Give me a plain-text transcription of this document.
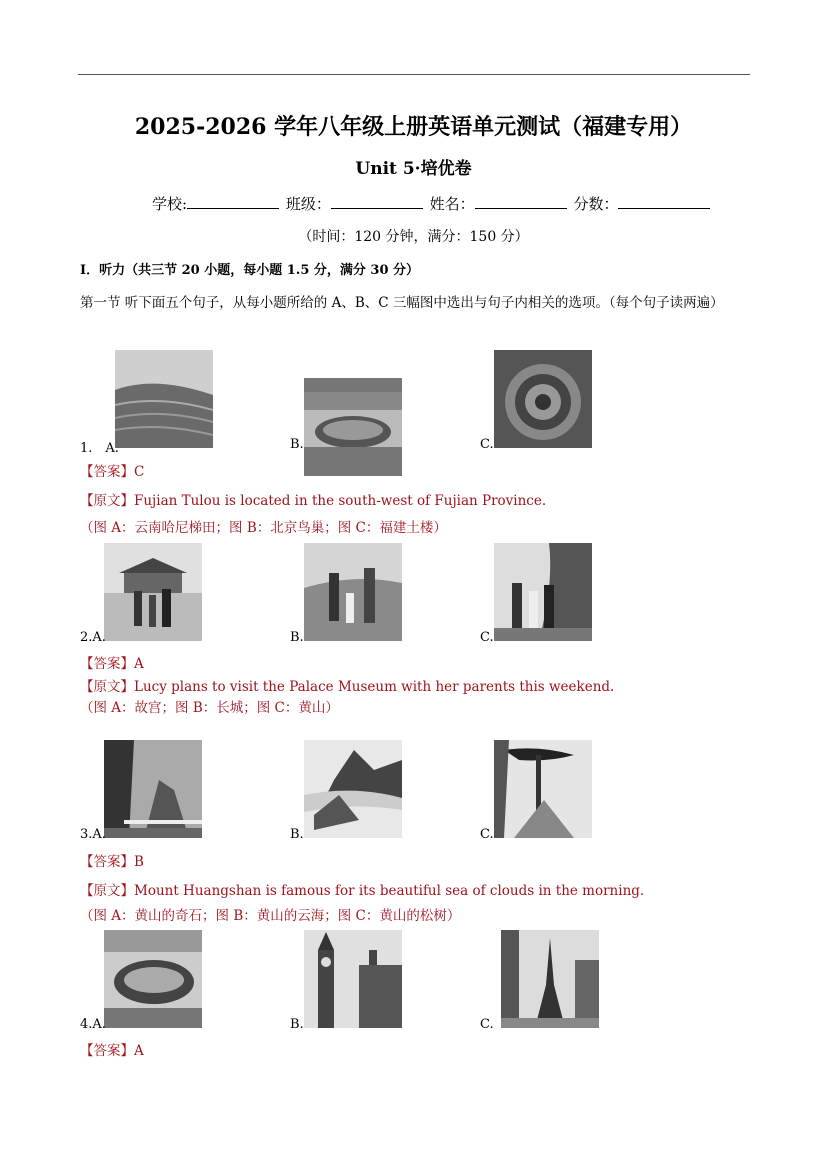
2025-2026 学年八年级上册英语单元测试（福建专用）
Unit 5·培优卷
学校:	班级：	姓名：	分数：
（时间：120 分钟，满分：150 分）
I．听力（共三节 20 小题，每小题 1.5 分，满分 30 分）
第一节 听下面五个句子，从每小题所给的 A、B、C 三幅图中选出与句子内相关的选项。（每个句子读两遍）
1.　A.	B.	C.
【答案】C
【原文】Fujian Tulou is located in the south-west of Fujian Province.
（图 A：云南哈尼梯田；图 B：北京鸟巢；图 C：福建土楼）
2.A.	B.	C.
【答案】A
【原文】Lucy plans to visit the Palace Museum with her parents this weekend.
（图 A：故宫；图 B：长城；图 C：黄山）
3.A.	B.	C.
【答案】B
【原文】Mount Huangshan is famous for its beautiful sea of clouds in the morning.
（图 A：黄山的奇石；图 B：黄山的云海；图 C：黄山的松树）
4.A.	B.	C.
【答案】A
